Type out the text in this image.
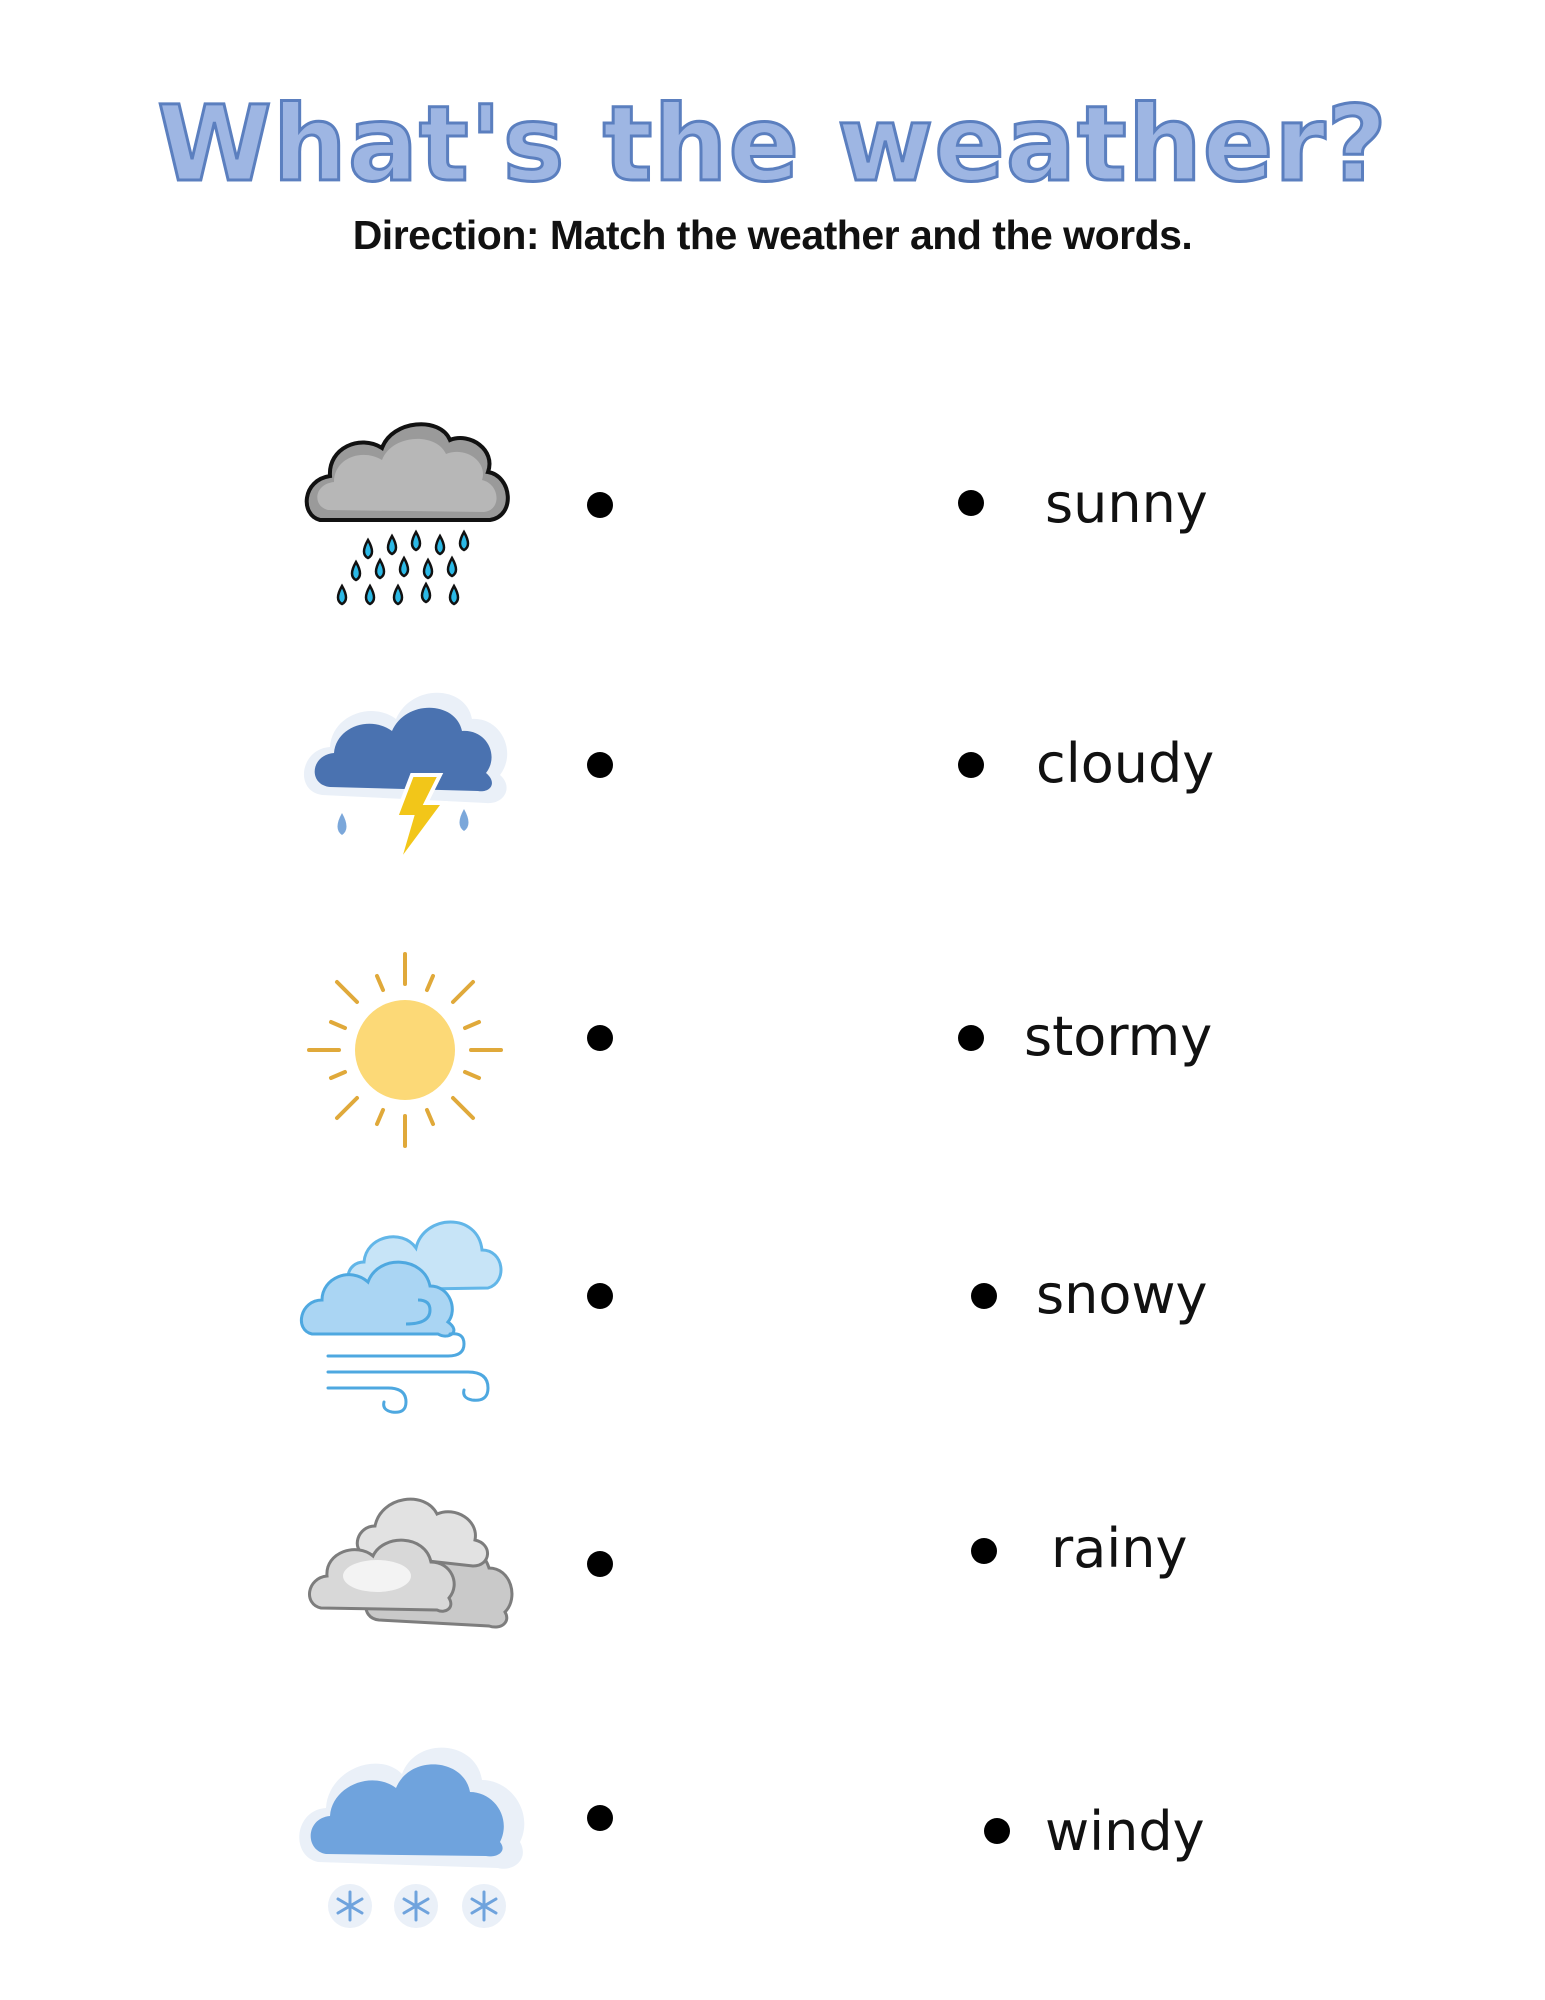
What's the weather?
Direction: Match the weather and the words.
sunny
cloudy
stormy
snowy
rainy
windy
